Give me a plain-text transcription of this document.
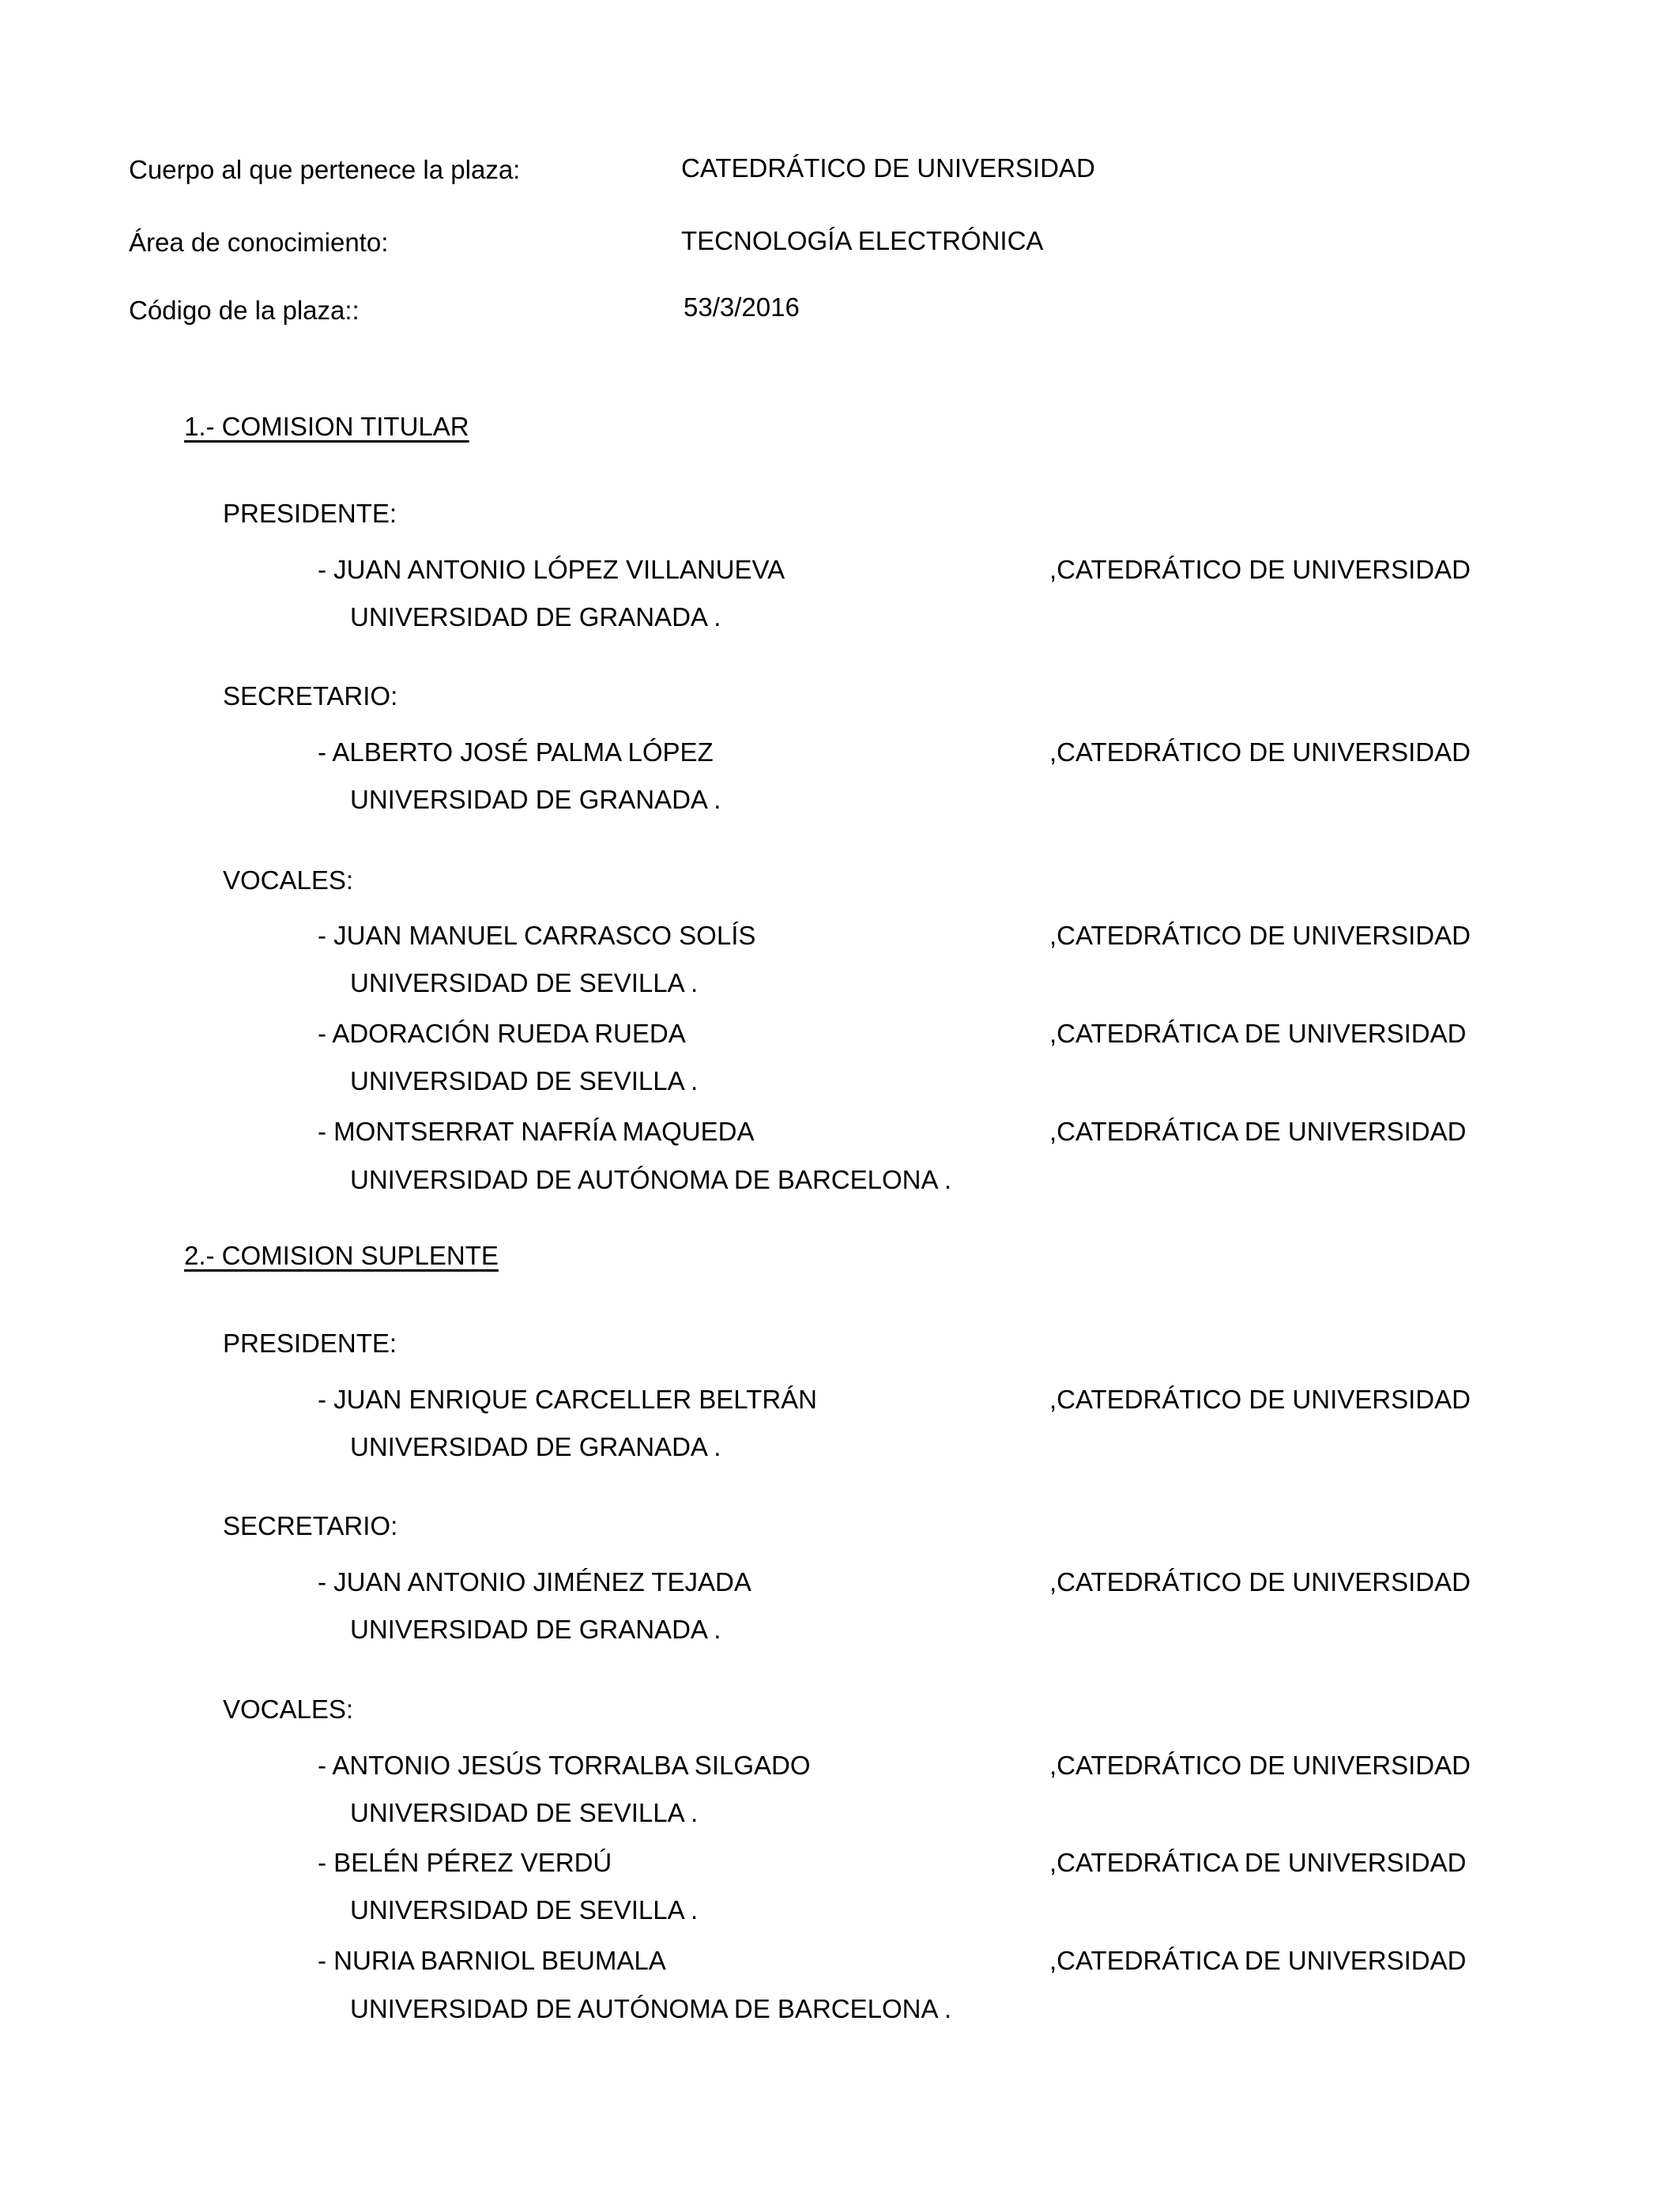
Cuerpo al que pertenece la plaza:	CATEDRÁTICO DE UNIVERSIDAD
Área de conocimiento:	TECNOLOGÍA ELECTRÓNICA
Código de la plaza::	53/3/2016
1.- COMISION TITULAR
PRESIDENTE:
- JUAN ANTONIO LÓPEZ VILLANUEVA	,CATEDRÁTICO DE UNIVERSIDAD
UNIVERSIDAD DE GRANADA .
SECRETARIO:
- ALBERTO JOSÉ PALMA LÓPEZ	,CATEDRÁTICO DE UNIVERSIDAD
UNIVERSIDAD DE GRANADA .
VOCALES:
- JUAN MANUEL CARRASCO SOLÍS	,CATEDRÁTICO DE UNIVERSIDAD
UNIVERSIDAD DE SEVILLA .
- ADORACIÓN RUEDA RUEDA	,CATEDRÁTICA DE UNIVERSIDAD
UNIVERSIDAD DE SEVILLA .
- MONTSERRAT NAFRÍA MAQUEDA	,CATEDRÁTICA DE UNIVERSIDAD
UNIVERSIDAD DE AUTÓNOMA DE BARCELONA .
2.- COMISION SUPLENTE
PRESIDENTE:
- JUAN ENRIQUE CARCELLER BELTRÁN	,CATEDRÁTICO DE UNIVERSIDAD
UNIVERSIDAD DE GRANADA .
SECRETARIO:
- JUAN ANTONIO JIMÉNEZ TEJADA	,CATEDRÁTICO DE UNIVERSIDAD
UNIVERSIDAD DE GRANADA .
VOCALES:
- ANTONIO JESÚS TORRALBA SILGADO	,CATEDRÁTICO DE UNIVERSIDAD
UNIVERSIDAD DE SEVILLA .
- BELÉN PÉREZ VERDÚ	,CATEDRÁTICA DE UNIVERSIDAD
UNIVERSIDAD DE SEVILLA .
- NURIA BARNIOL BEUMALA	,CATEDRÁTICA DE UNIVERSIDAD
UNIVERSIDAD DE AUTÓNOMA DE BARCELONA .
